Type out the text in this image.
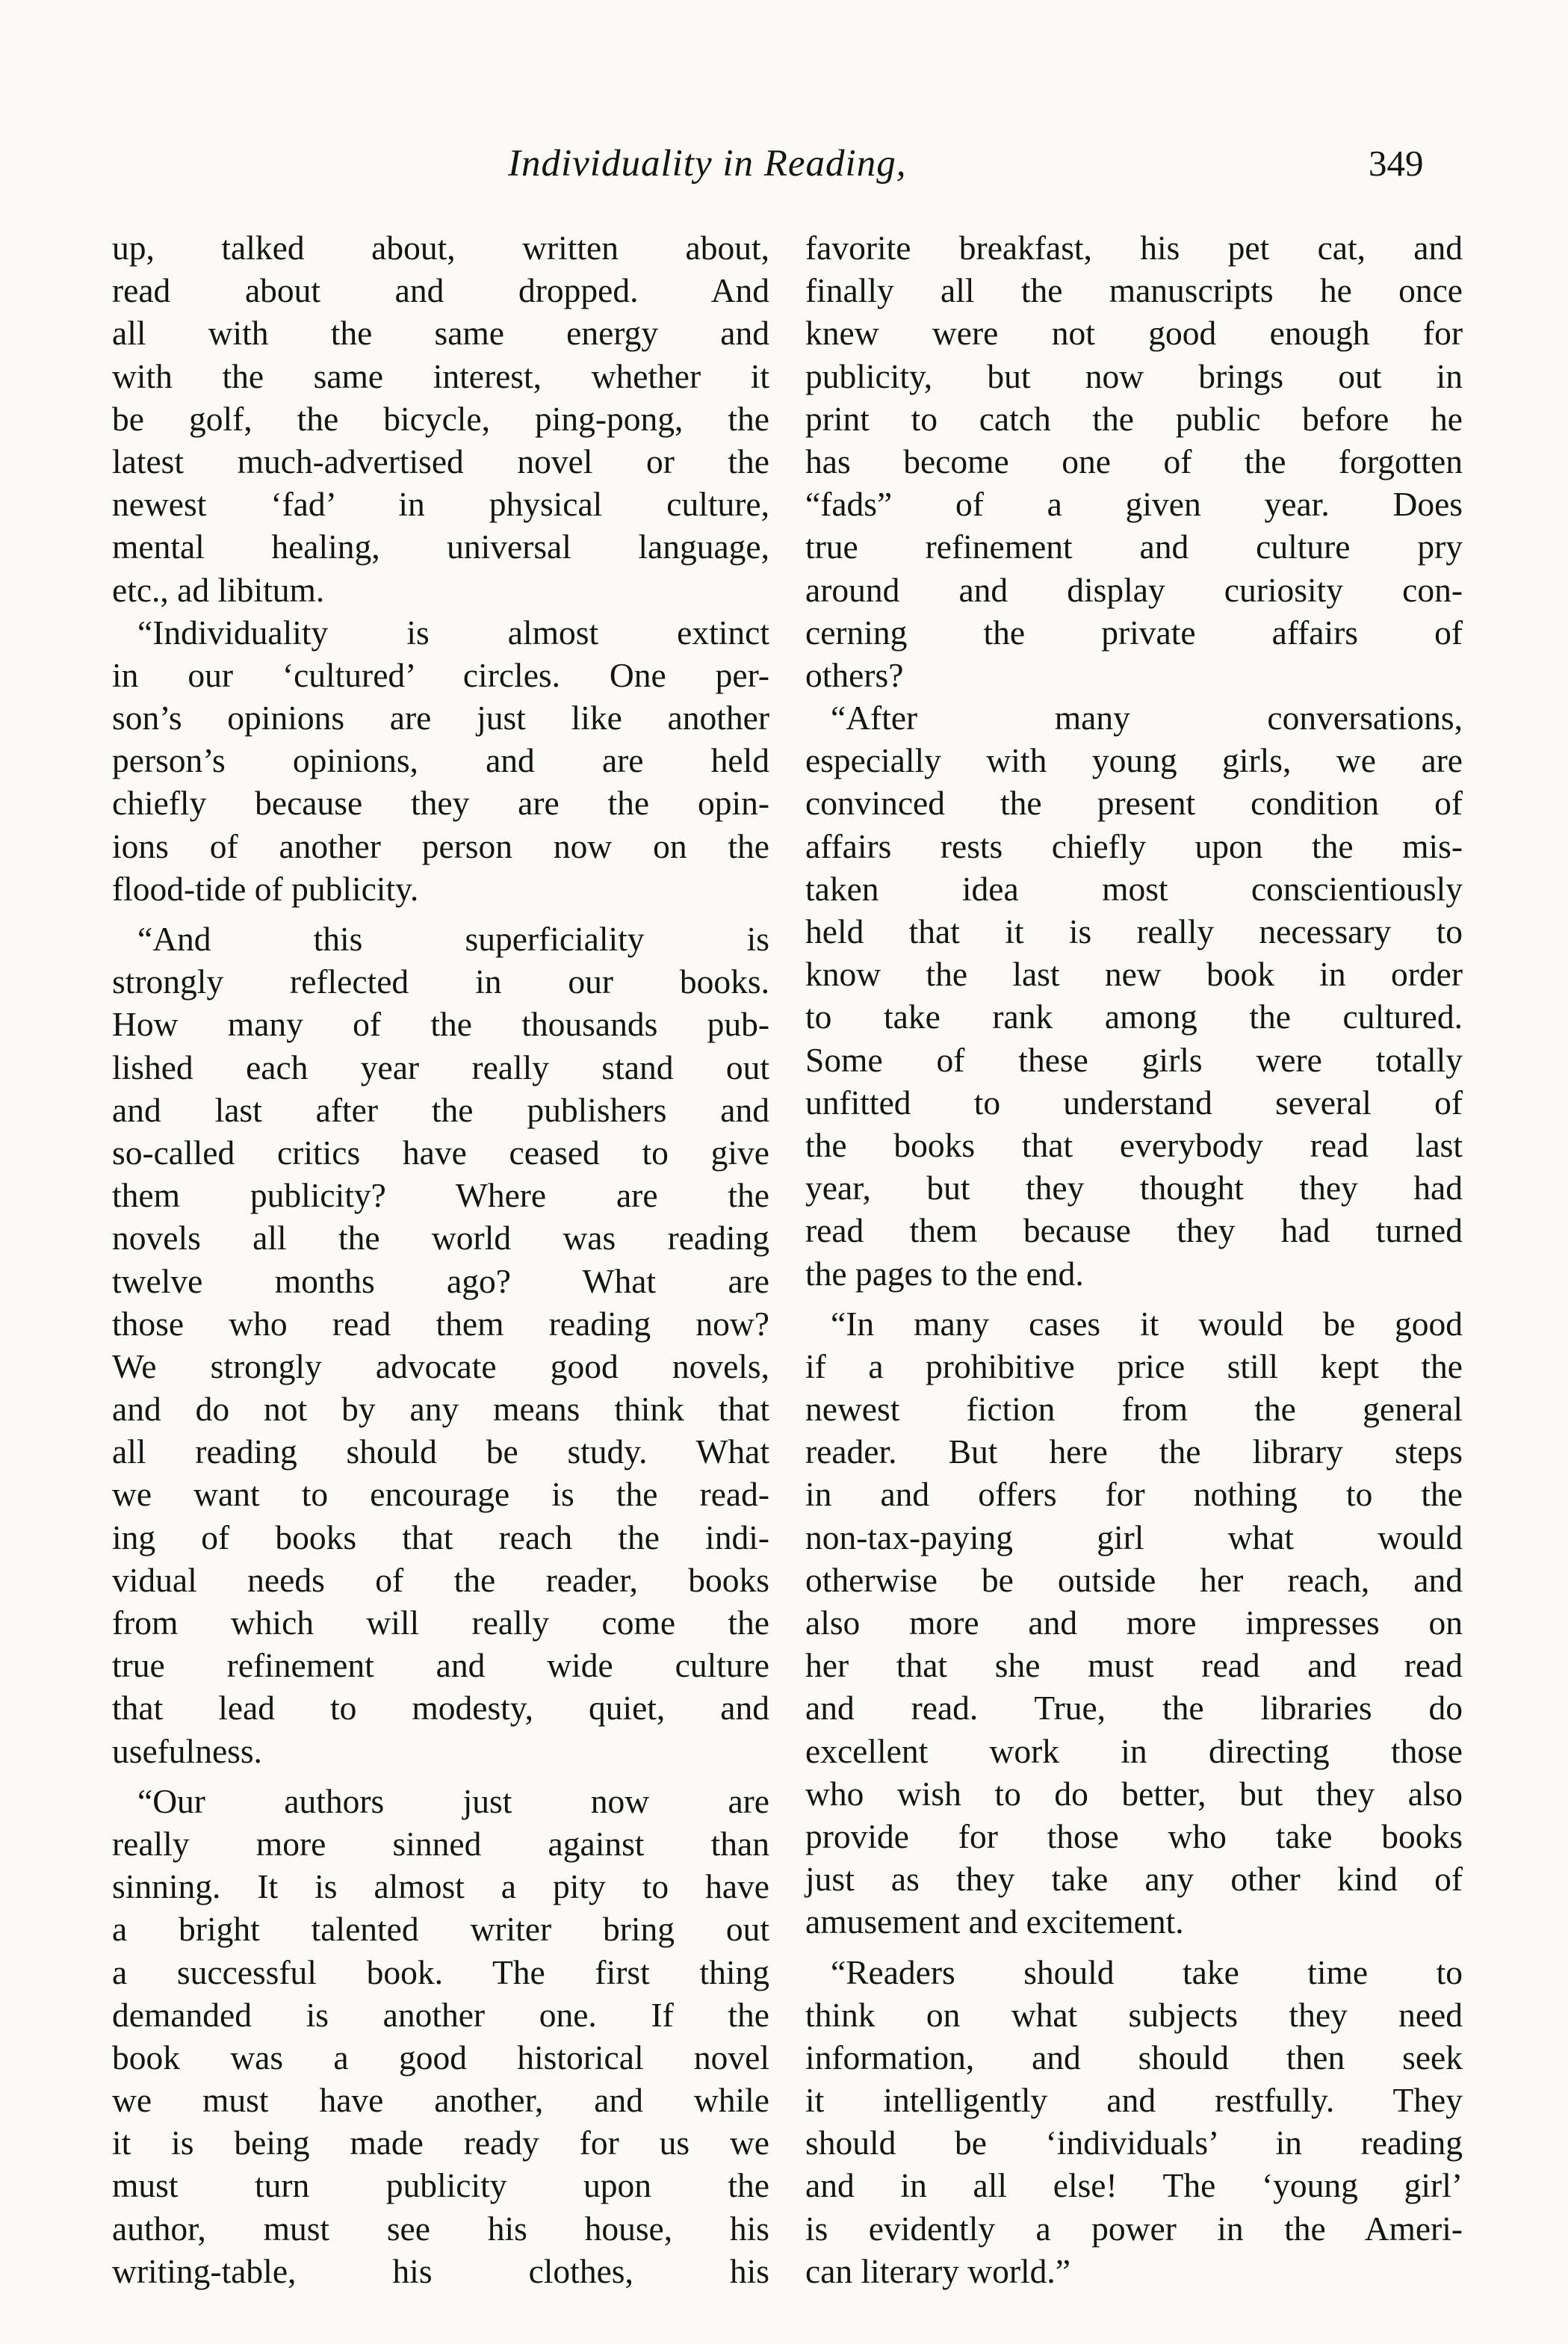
Individuality in Reading,	349
up, talked about, written about,
read about and dropped. And
all with the same energy and
with the same interest, whether it
be golf, the bicycle, ping-pong, the
latest much-advertised novel or the
newest ‘fad’ in physical culture,
mental healing, universal language,
etc., ad libitum.
“Individuality is almost extinct
in our ‘cultured’ circles. One per-
son’s opinions are just like another
person’s opinions, and are held
chiefly because they are the opin-
ions of another person now on the
flood-tide of publicity.
“And this superficiality is
strongly reflected in our books.
How many of the thousands pub-
lished each year really stand out
and last after the publishers and
so-called critics have ceased to give
them publicity? Where are the
novels all the world was reading
twelve months ago? What are
those who read them reading now?
We strongly advocate good novels,
and do not by any means think that
all reading should be study. What
we want to encourage is the read-
ing of books that reach the indi-
vidual needs of the reader, books
from which will really come the
true refinement and wide culture
that lead to modesty, quiet, and
usefulness.
“Our authors just now are
really more sinned against than
sinning. It is almost a pity to have
a bright talented writer bring out
a successful book. The first thing
demanded is another one. If the
book was a good historical novel
we must have another, and while
it is being made ready for us we
must turn publicity upon the
author, must see his house, his
writing-table, his clothes, his
favorite breakfast, his pet cat, and
finally all the manuscripts he once
knew were not good enough for
publicity, but now brings out in
print to catch the public before he
has become one of the forgotten
“fads” of a given year. Does
true refinement and culture pry
around and display curiosity con-
cerning the private affairs of
others?
“After many conversations,
especially with young girls, we are
convinced the present condition of
affairs rests chiefly upon the mis-
taken idea most conscientiously
held that it is really necessary to
know the last new book in order
to take rank among the cultured.
Some of these girls were totally
unfitted to understand several of
the books that everybody read last
year, but they thought they had
read them because they had turned
the pages to the end.
“In many cases it would be good
if a prohibitive price still kept the
newest fiction from the general
reader. But here the library steps
in and offers for nothing to the
non-tax-paying girl what would
otherwise be outside her reach, and
also more and more impresses on
her that she must read and read
and read. True, the libraries do
excellent work in directing those
who wish to do better, but they also
provide for those who take books
just as they take any other kind of
amusement and excitement.
“Readers should take time to
think on what subjects they need
information, and should then seek
it intelligently and restfully. They
should be ‘individuals’ in reading
and in all else! The ‘young girl’
is evidently a power in the Ameri-
can literary world.”
